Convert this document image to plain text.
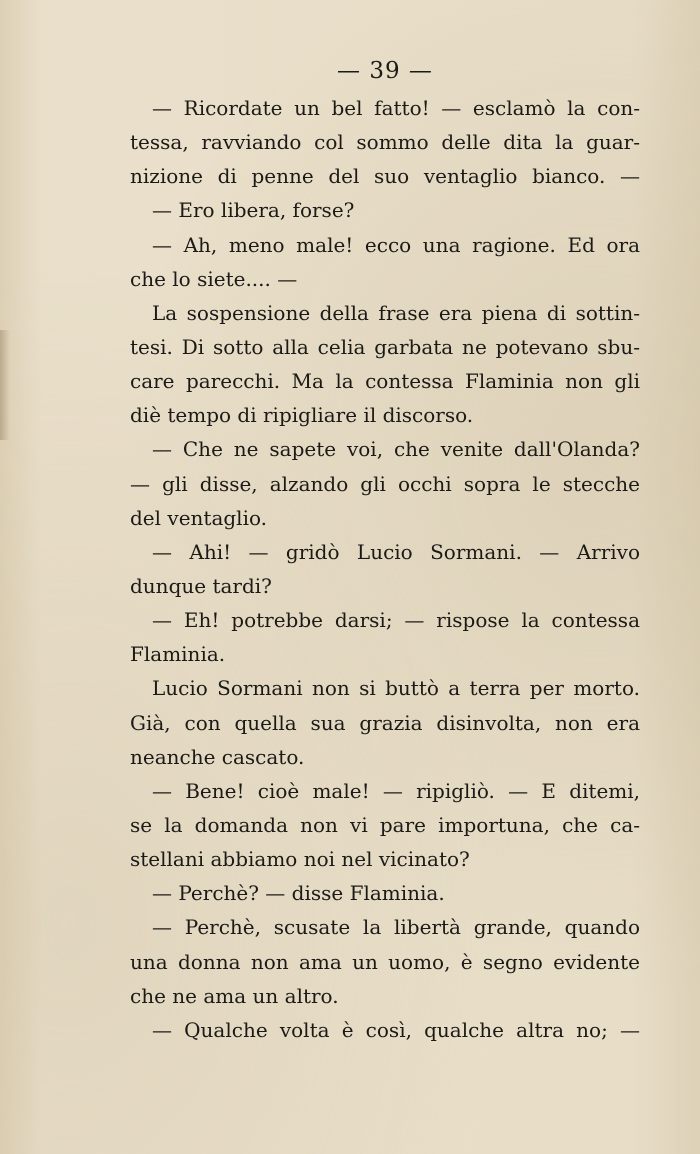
— 39 —
— Ricordate un bel fatto! — esclamò la con-
tessa, ravviando col sommo delle dita la guar-
nizione di penne del suo ventaglio bianco. —
— Ero libera, forse?
— Ah, meno male! ecco una ragione. Ed ora
che lo siete.... —
La sospensione della frase era piena di sottin-
tesi. Di sotto alla celia garbata ne potevano sbu-
care parecchi. Ma la contessa Flaminia non gli
diè tempo di ripigliare il discorso.
— Che ne sapete voi, che venite dall'Olanda?
— gli disse, alzando gli occhi sopra le stecche
del ventaglio.
— Ahi! — gridò Lucio Sormani. — Arrivo
dunque tardi?
— Eh! potrebbe darsi; — rispose la contessa
Flaminia.
Lucio Sormani non si buttò a terra per morto.
Già, con quella sua grazia disinvolta, non era
neanche cascato.
— Bene! cioè male! — ripigliò. — E ditemi,
se la domanda non vi pare importuna, che ca-
stellani abbiamo noi nel vicinato?
— Perchè? — disse Flaminia.
— Perchè, scusate la libertà grande, quando
una donna non ama un uomo, è segno evidente
che ne ama un altro.
— Qualche volta è così, qualche altra no; —
